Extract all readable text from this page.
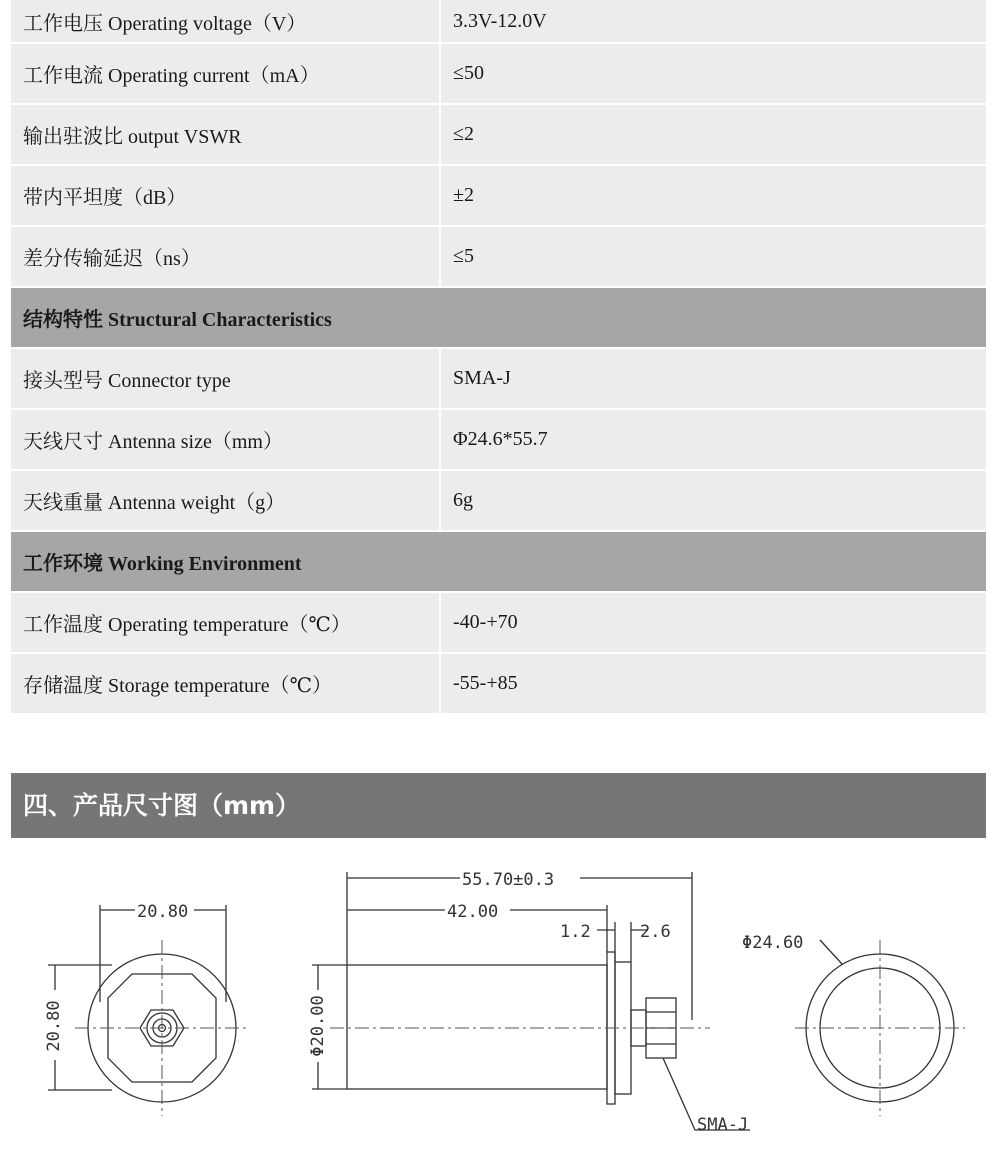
工作电压 Operating voltage（V）	3.3V-12.0V
工作电流 Operating current（mA）	≤50
输出驻波比 output VSWR	≤2
带内平坦度（dB）	±2
差分传输延迟（ns）	≤5
结构特性 Structural Characteristics	
接头型号 Connector type	SMA-J
天线尺寸 Antenna size（mm）	Φ24.6*55.7
天线重量 Antenna weight（g）	6g
工作环境 Working Environment	
工作温度 Operating temperature（℃）	-40-+70
存储温度 Storage temperature（℃）	-55-+85
四、产品尺寸图（mm）
20.80
20.80
55.70±0.3
42.00
1.2	2.6
Φ20.00
SMA-J
Φ24.60
